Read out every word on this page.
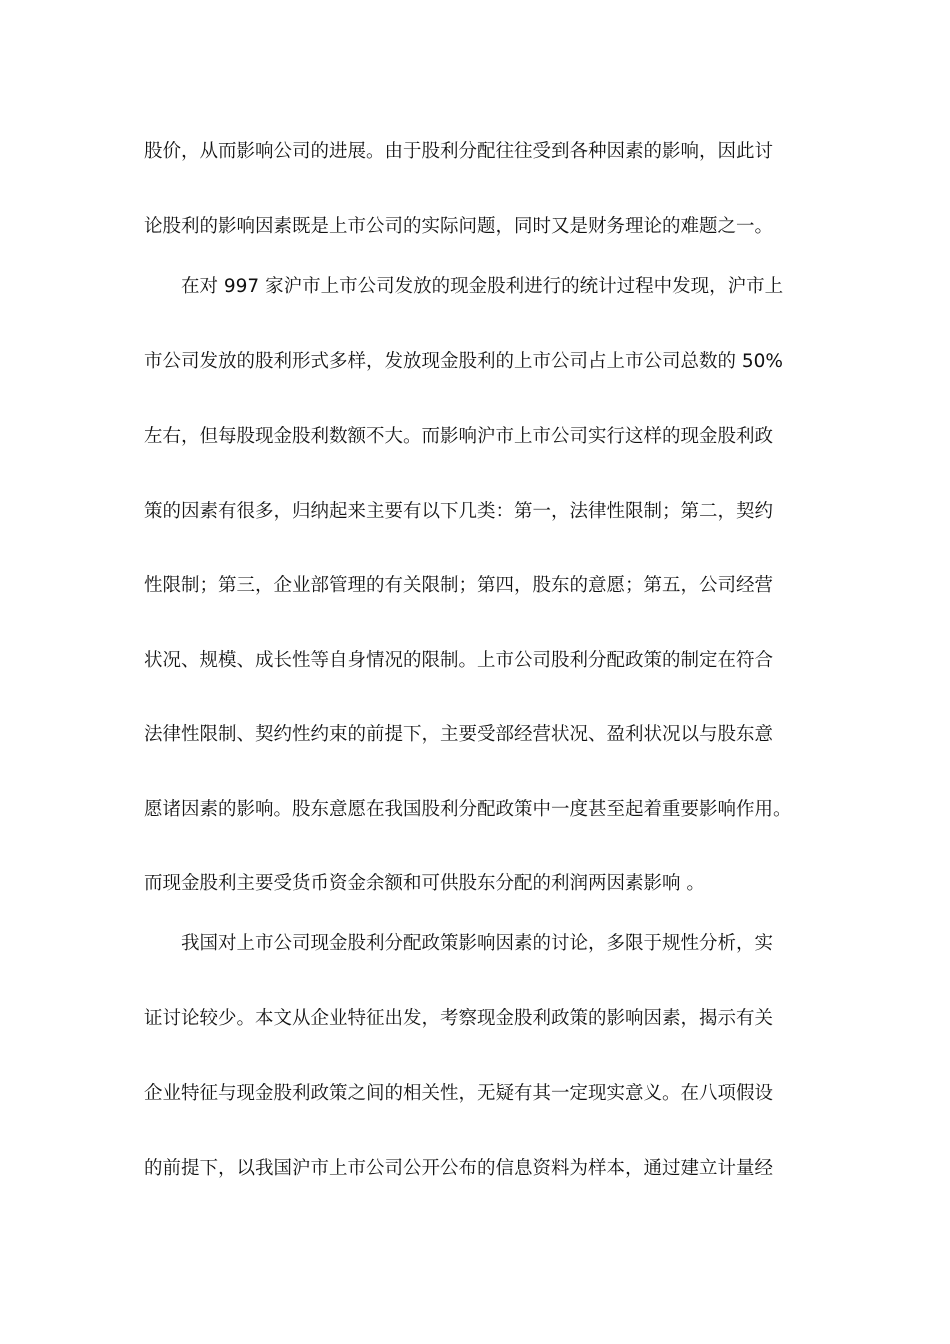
股价，从而影响公司的进展。由于股利分配往往受到各种因素的影响，因此讨
论股利的影响因素既是上市公司的实际问题，同时又是财务理论的难题之一。
在对 997 家沪市上市公司发放的现金股利进行的统计过程中发现，沪市上
市公司发放的股利形式多样，发放现金股利的上市公司占上市公司总数的 50%
左右，但每股现金股利数额不大。而影响沪市上市公司实行这样的现金股利政
策的因素有很多，归纳起来主要有以下几类：第一，法律性限制；第二，契约
性限制；第三，企业部管理的有关限制；第四，股东的意愿；第五，公司经营
状况、规模、成长性等自身情况的限制。上市公司股利分配政策的制定在符合
法律性限制、契约性约束的前提下，主要受部经营状况、盈利状况以与股东意
愿诸因素的影响。股东意愿在我国股利分配政策中一度甚至起着重要影响作用。
而现金股利主要受货币资金余额和可供股东分配的利润两因素影响 。
我国对上市公司现金股利分配政策影响因素的讨论，多限于规性分析，实
证讨论较少。本文从企业特征出发，考察现金股利政策的影响因素，揭示有关
企业特征与现金股利政策之间的相关性，无疑有其一定现实意义。在八项假设
的前提下，以我国沪市上市公司公开公布的信息资料为样本，通过建立计量经
